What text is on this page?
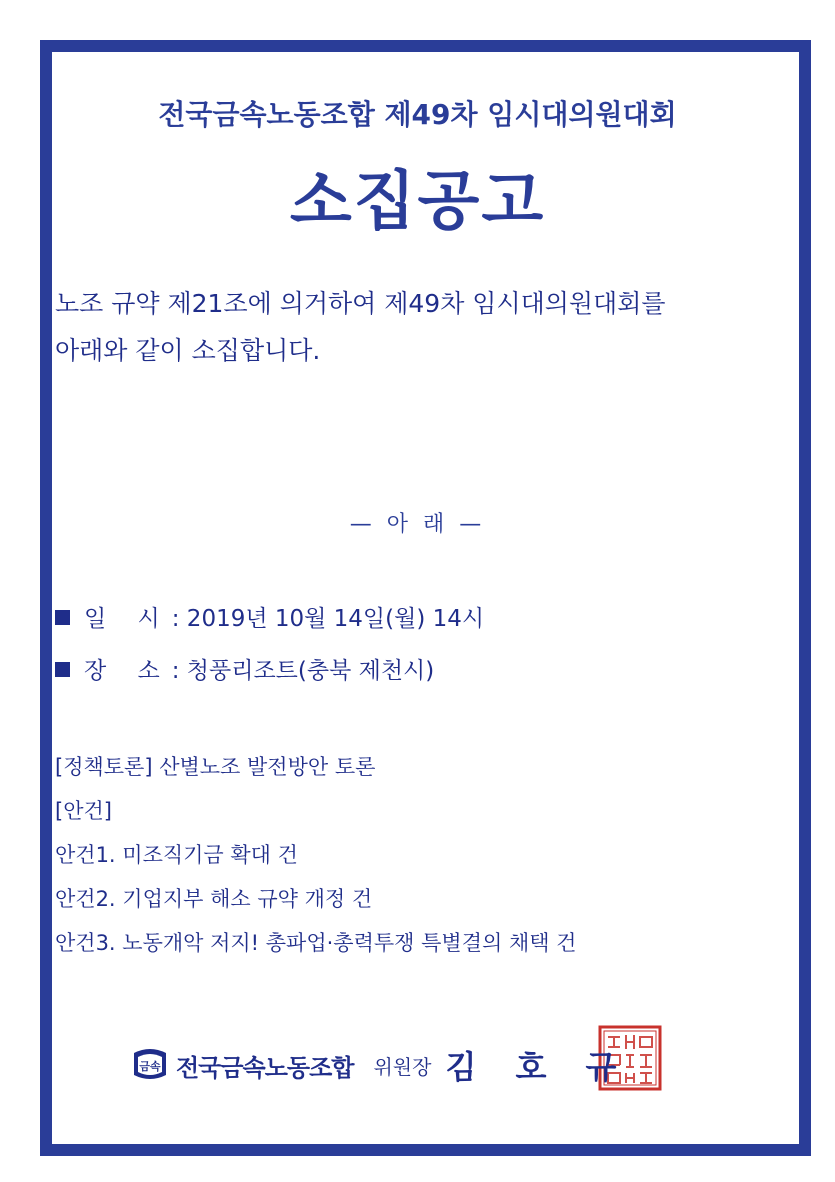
전국금속노동조합 제49차 임시대의원대회
소집공고
노조 규약 제21조에 의거하여 제49차 임시대의원대회를
아래와 같이 소집합니다.
— 아 래 —
일 시: 2019년 10월 14일(월) 14시
장 소: 청풍리조트(충북 제천시)
[정책토론] 산별노조 발전방안 토론
[안건]
안건1. 미조직기금 확대 건
안건2. 기업지부 해소 규약 개정 건
안건3. 노동개악 저지! 총파업·총력투쟁 특별결의 채택 건
금속 전국금속노동조합 위원장 김 호 규
